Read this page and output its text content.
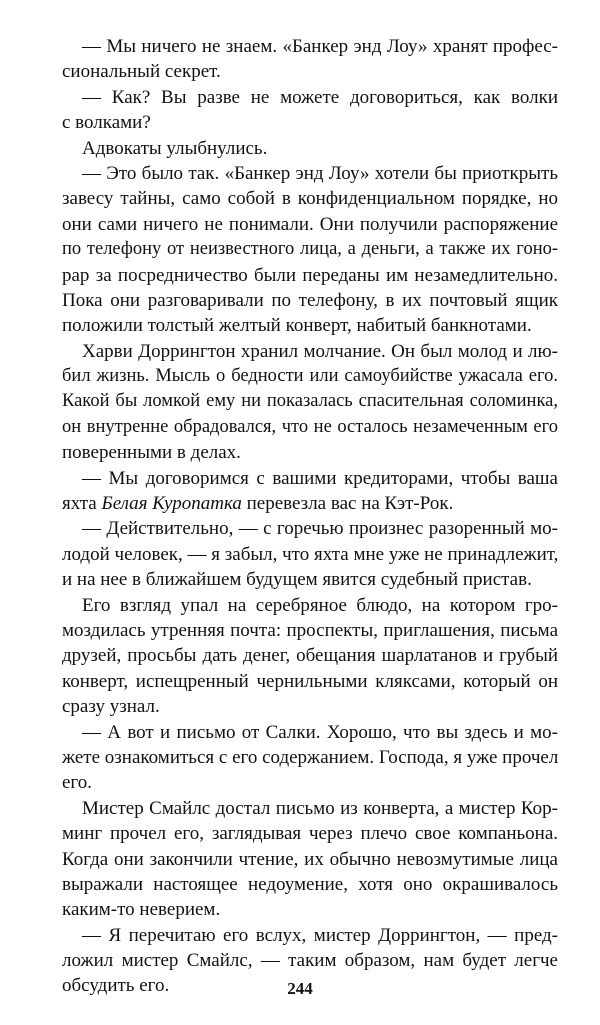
— Мы ничего не знаем. «Банкер энд Лоу» хранят профес-
сиональный секрет.
— Как? Вы разве не можете договориться, как волки
с волками?
Адвокаты улыбнулись.
— Это было так. «Банкер энд Лоу» хотели бы приоткрыть
завесу тайны, само собой в конфиденциальном порядке, но
они сами ничего не понимали. Они получили распоряжение
по телефону от неизвестного лица, а деньги, а также их гоно-
рар за посредничество были переданы им незамедлительно.
Пока они разговаривали по телефону, в их почтовый ящик
положили толстый желтый конверт, набитый банкнотами.
Харви Доррингтон хранил молчание. Он был молод и лю-
бил жизнь. Мысль о бедности или самоубийстве ужасала его.
Какой бы ломкой ему ни показалась спасительная соломинка,
он внутренне обрадовался, что не осталось незамеченным его
поверенными в делах.
— Мы договоримся с вашими кредиторами, чтобы ваша
яхта Белая Куропатка перевезла вас на Кэт-Рок.
— Действительно, — с горечью произнес разоренный мо-
лодой человек, — я забыл, что яхта мне уже не принадлежит,
и на нее в ближайшем будущем явится судебный пристав.
Его взгляд упал на серебряное блюдо, на котором гро-
моздилась утренняя почта: проспекты, приглашения, письма
друзей, просьбы дать денег, обещания шарлатанов и грубый
конверт, испещренный чернильными кляксами, который он
сразу узнал.
— А вот и письмо от Салки. Хорошо, что вы здесь и мо-
жете ознакомиться с его содержанием. Господа, я уже прочел
его.
Мистер Смайлс достал письмо из конверта, а мистер Кор-
минг прочел его, заглядывая через плечо свое компаньона.
Когда они закончили чтение, их обычно невозмутимые лица
выражали настоящее недоумение, хотя оно окрашивалось
каким-то неверием.
— Я перечитаю его вслух, мистер Доррингтон, — пред-
ложил мистер Смайлс, — таким образом, нам будет легче
обсудить его.	244
